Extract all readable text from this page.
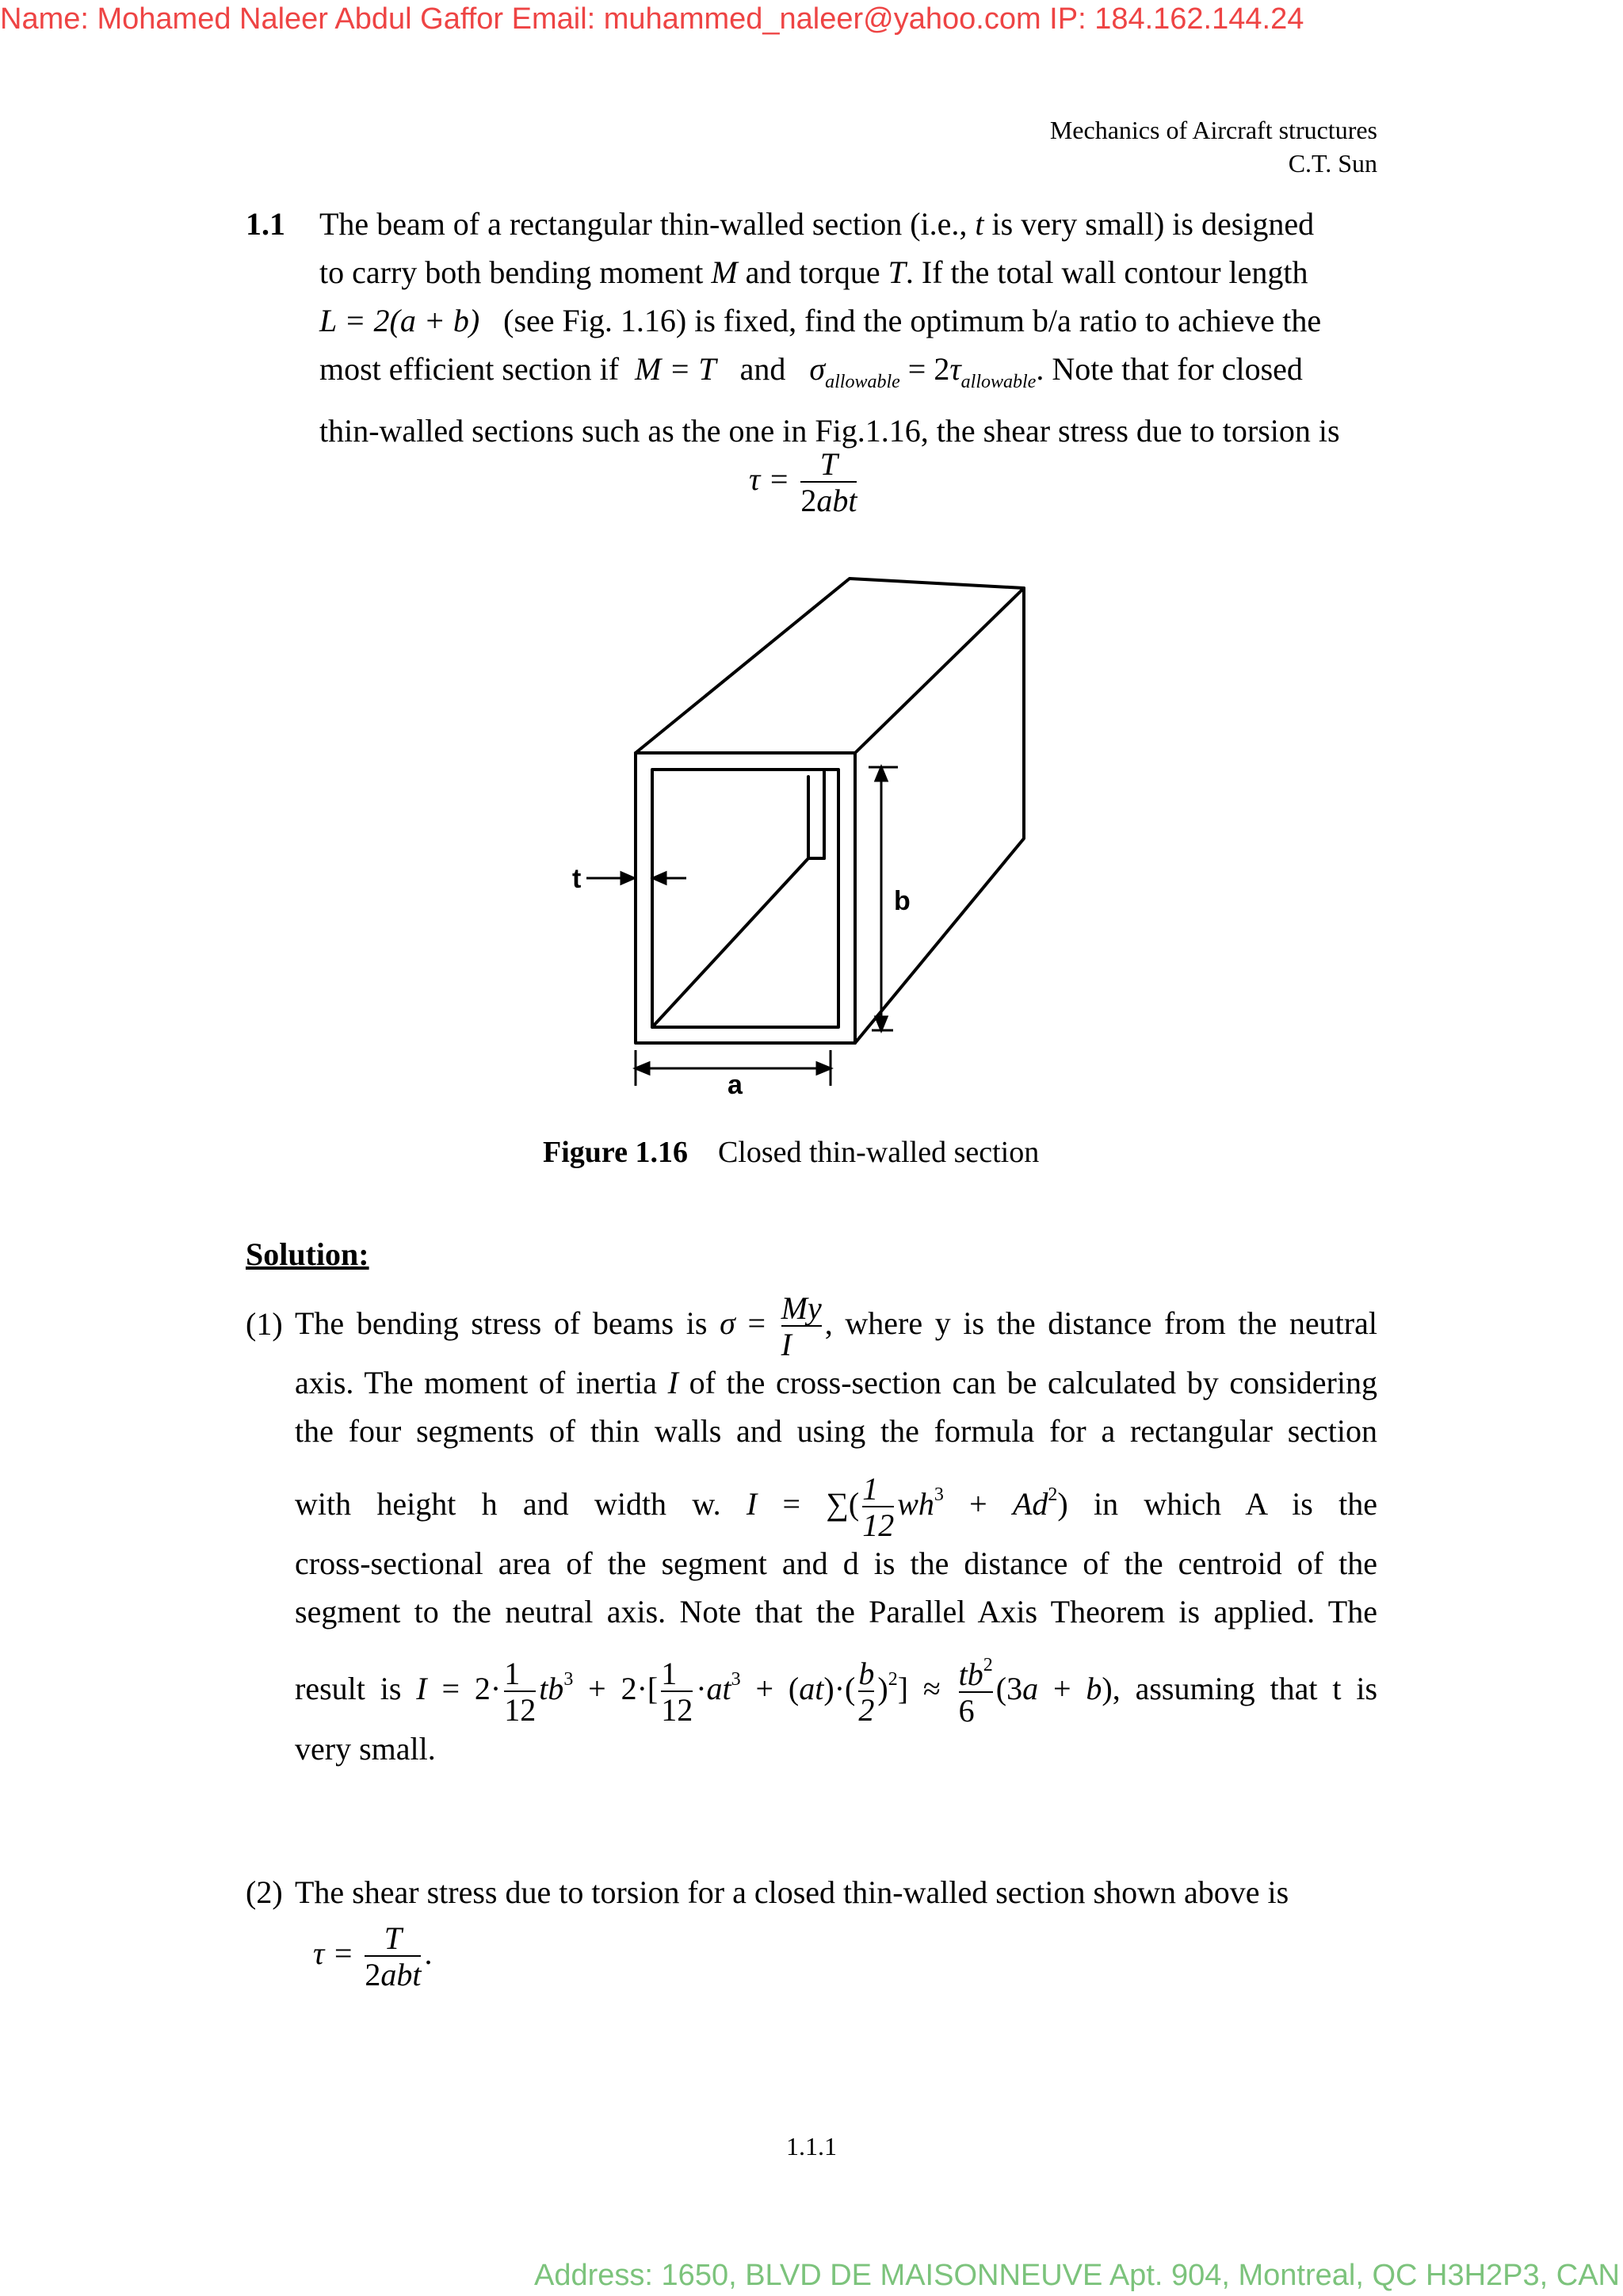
Name: Mohamed Naleer Abdul Gaffor Email: muhammed_naleer@yahoo.com IP: 184.162.144.24
Address: 1650, BLVD DE MAISONNEUVE Apt. 904, Montreal, QC H3H2P3, CAN
Mechanics of Aircraft structures
C.T. Sun
1.1 The beam of a rectangular thin-walled section (i.e., t is very small) is designed
to carry both bending moment M and torque T. If the total wall contour length
L = 2(a + b) (see Fig. 1.16) is fixed, find the optimum b/a ratio to achieve the
most efficient section if M = T and $\sigma_{allowable} = 2\tau_{allowable}$. Note that for closed
thin-walled sections such as the one in Fig.1.16, the shear stress due to torsion is
$\tau = \frac{T}{\text{2abt}}$
t
b
a
Figure 1.16 Closed thin-walled section
Solution:
(1) The bending stress of beams is $\sigma = \frac{My}{I}$ , where y is the distance from the neutral
axis. The moment of inertia I of the cross-section can be calculated by considering
the four segments of thin walls and using the formula for a rectangular section
with height h and width w. I = ∑( $\frac{1}{12} wh^3 + Ad^2$) in which A is the
cross-sectional area of the segment and d is the distance of the centroid of the
segment to the neutral axis. Note that the Parallel Axis Theorem is applied. The
result is $I = 2\cdot \frac{1}{12} tb^3 + 2\cdot[ \frac{1}{12} \cdot at^3 + (at)\cdot( \frac{b}{2} )^2] \approx \frac{tb^2}{6} (3a + b)$, assuming that t is
very small.
(2) The shear stress due to torsion for a closed thin-walled section shown above is
$\tau = \frac{T}{\text{2abt}}$ .
1.1.1
